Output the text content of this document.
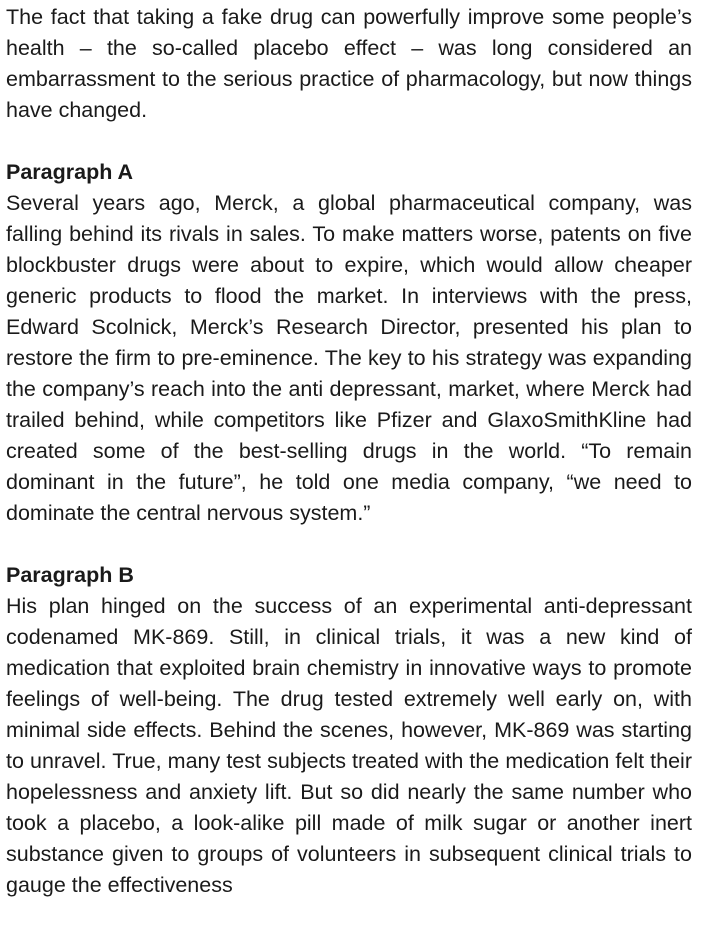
The fact that taking a fake drug can powerfully improve some people’s health – the so-called placebo effect – was long considered an embarrassment to the serious practice of pharmacology, but now things have changed.

Paragraph A

Several years ago, Merck, a global pharmaceutical company, was falling behind its rivals in sales. To make matters worse, patents on five blockbuster drugs were about to expire, which would allow cheaper generic products to flood the market. In interviews with the press, Edward Scolnick, Merck’s Research Director, presented his plan to restore the firm to pre-eminence. The key to his strategy was expanding the company’s reach into the anti depressant, market, where Merck had trailed behind, while competitors like Pfizer and GlaxoSmithKline had created some of the best-selling drugs in the world. “To remain dominant in the future”, he told one media company, “we need to dominate the central nervous system.”

Paragraph B

His plan hinged on the success of an experimental anti-depressant codenamed MK-869. Still, in clinical trials, it was a new kind of medication that exploited brain chemistry in innovative ways to promote feelings of well-being. The drug tested extremely well early on, with minimal side effects. Behind the scenes, however, MK-869 was starting to unravel. True, many test subjects treated with the medication felt their hopelessness and anxiety lift. But so did nearly the same number who took a placebo, a look-alike pill made of milk sugar or another inert substance given to groups of volunteers in subsequent clinical trials to gauge the effectiveness
